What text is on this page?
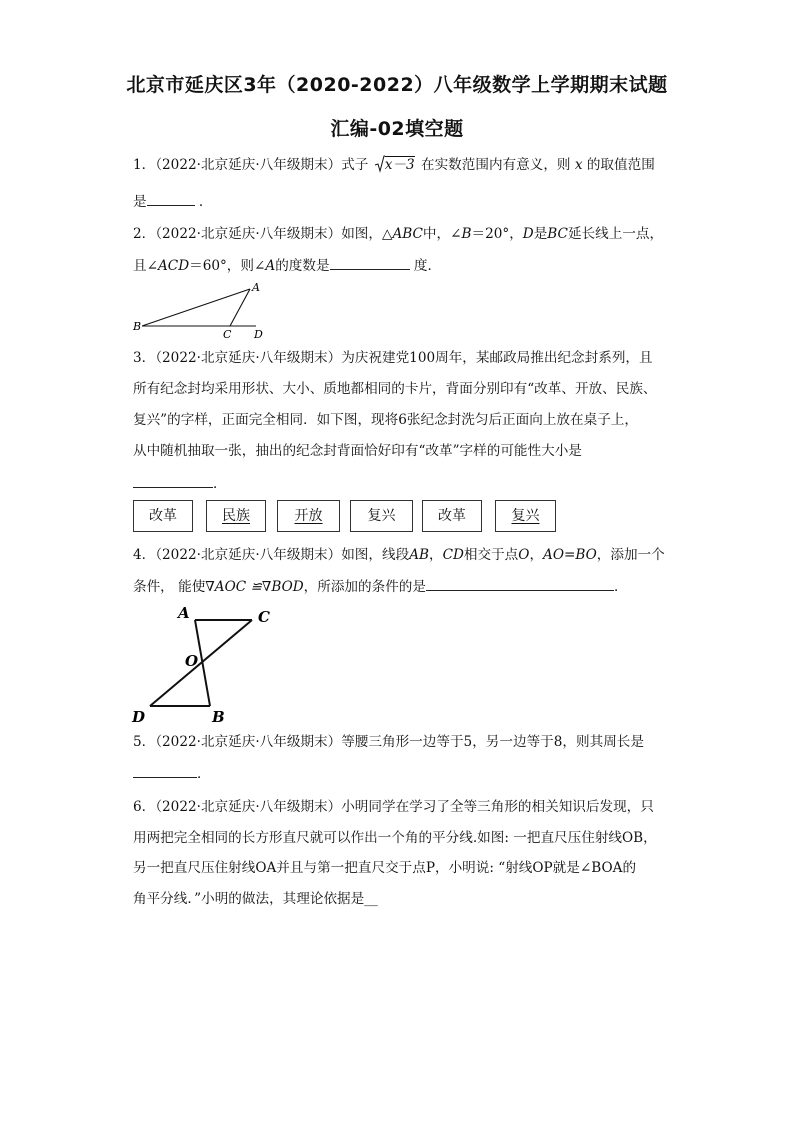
北京市延庆区3年（2020-2022）八年级数学上学期期末试题
汇编-02填空题
1．（2022·北京延庆·八年级期末）式子 x－3 在实数范围内有意义，则 x 的取值范围
是	．
2．（2022·北京延庆·八年级期末）如图，△ABC中，∠B＝20°，D是BC延长线上一点，
且∠ACD＝60°，则∠A的度数是	度．
A
B
C D
3．（2022·北京延庆·八年级期末）为庆祝建党100周年，某邮政局推出纪念封系列，且
所有纪念封均采用形状、大小、质地都相同的卡片，背面分别印有“改革、开放、民族、
复兴”的字样，正面完全相同．如下图，现将6张纪念封洗匀后正面向上放在桌子上，
从中随机抽取一张，抽出的纪念封背面恰好印有“改革”字样的可能性大小是
．
改革	民族	开放	复兴	改革	复兴
4．（2022·北京延庆·八年级期末）如图，线段AB，CD相交于点O，AO=BO，添加一个
条件， 能使∇AOC ≌∇BOD，所添加的条件的是	．
A	C
O
D	B
5．（2022·北京延庆·八年级期末）等腰三角形一边等于5，另一边等于8，则其周长是
．
6．（2022·北京延庆·八年级期末）小明同学在学习了全等三角形的相关知识后发现，只
用两把完全相同的长方形直尺就可以作出一个角的平分线.如图: 一把直尺压住射线OB，
另一把直尺压住射线OA并且与第一把直尺交于点P，小明说: “射线OP就是∠BOA的
角平分线．”小明的做法，其理论依据是__
